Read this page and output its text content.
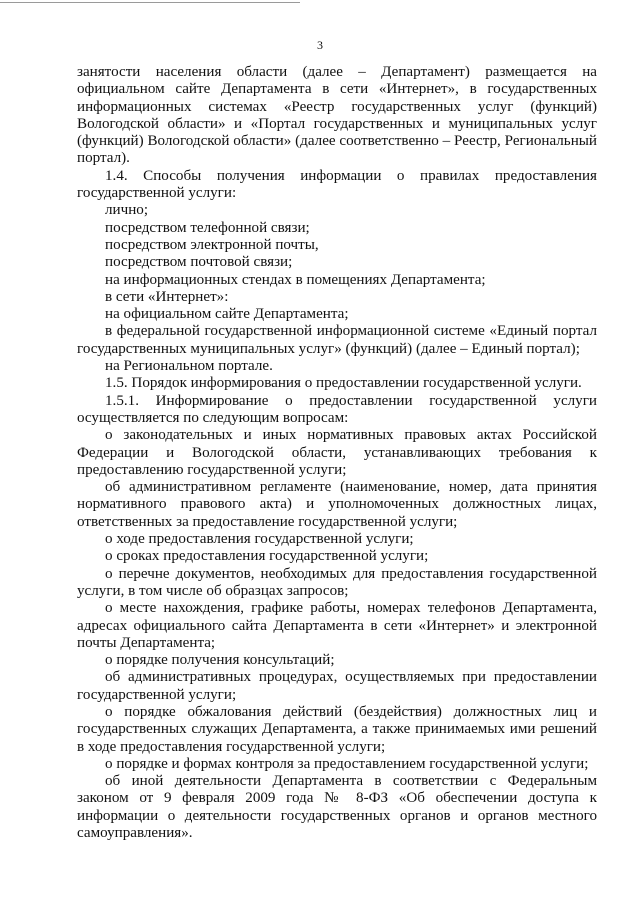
3

занятости населения области (далее – Департамент) размещается на официальном сайте Департамента в сети «Интернет», в государственных информационных системах «Реестр государственных услуг (функций) Вологодской области» и «Портал государственных и муниципальных услуг (функций) Вологодской области» (далее соответственно – Реестр, Региональный портал).

1.4. Способы получения информации о правилах предоставления государственной услуги:

лично;

посредством телефонной связи;

посредством электронной почты,

посредством почтовой связи;

на информационных стендах в помещениях Департамента;

в сети «Интернет»:

на официальном сайте Департамента;

в федеральной государственной информационной системе «Единый портал государственных муниципальных услуг» (функций) (далее – Единый портал);

на Региональном портале.

1.5. Порядок информирования о предоставлении государственной услуги.

1.5.1. Информирование о предоставлении государственной услуги осуществляется по следующим вопросам:

о законодательных и иных нормативных правовых актах Российской Федерации и Вологодской области, устанавливающих требования к предоставлению государственной услуги;

об административном регламенте (наименование, номер, дата принятия нормативного правового акта) и уполномоченных должностных лицах, ответственных за предоставление государственной услуги;

о ходе предоставления государственной услуги;

о сроках предоставления государственной услуги;

о перечне документов, необходимых для предоставления государственной услуги, в том числе об образцах запросов;

о месте нахождения, графике работы, номерах телефонов Департамента, адресах официального сайта Департамента в сети «Интернет» и электронной почты Департамента;

о порядке получения консультаций;

об административных процедурах, осуществляемых при предоставлении государственной услуги;

о порядке обжалования действий (бездействия) должностных лиц и государственных служащих Департамента, а также принимаемых ими решений в ходе предоставления государственной услуги;

о порядке и формах контроля за предоставлением государственной услуги;

об иной деятельности Департамента в соответствии с Федеральным законом от 9 февраля 2009 года № 8-ФЗ «Об обеспечении доступа к информации о деятельности государственных органов и органов местного самоуправления».
